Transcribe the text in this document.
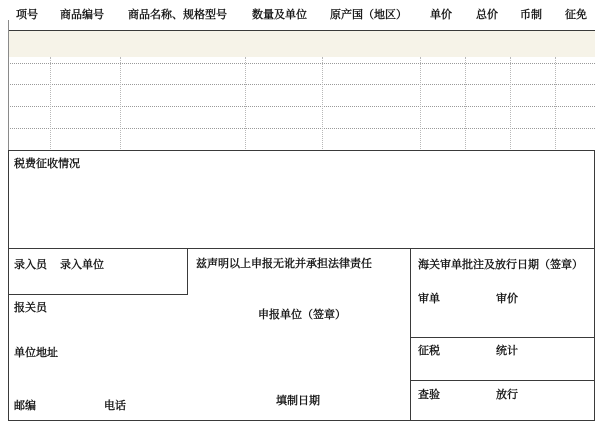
项号 商品编号 商品名称、规格型号 数量及单位 原产国（地区） 单价 总价 币制 征免
税费征收情况
录入员 录入单位	兹声明以上申报无讹并承担法律责任	海关审单批注及放行日期（签章）
审单	审价
征税	统计
查验	放行
报关员
申报单位（签章）
单位地址
邮编	电话	填制日期
